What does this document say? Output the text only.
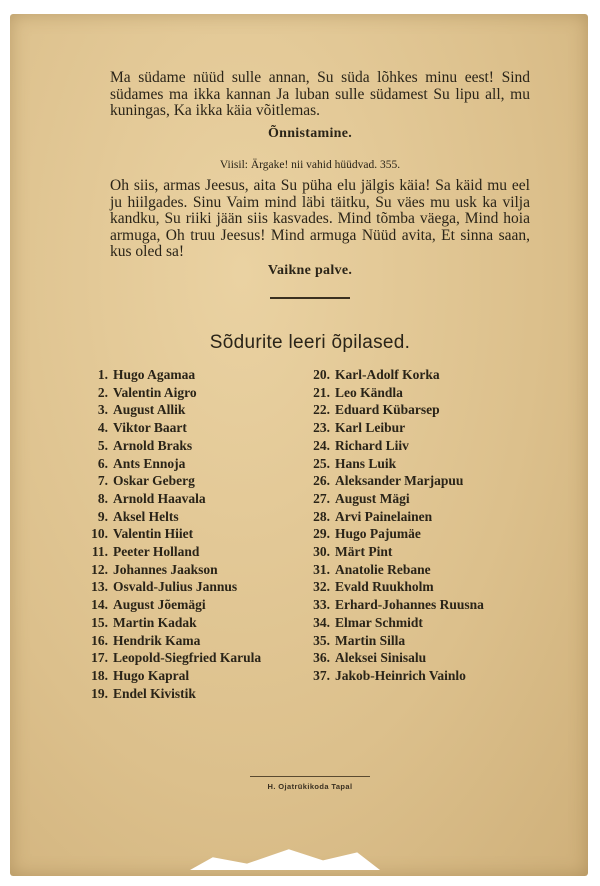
Ma südame nüüd sulle annan, Su süda lõhkes minu eest! Sind südames ma ikka kannan Ja luban sulle südamest Su lipu all, mu kuningas, Ka ikka käia võitlemas.

Õnnistamine.
Viisil: Ärgake! nii vahid hüüdvad. 355.

Oh siis, armas Jeesus, aita Su püha elu jälgis käia! Sa käid mu eel ju hiilgades. Sinu Vaim mind läbi täitku, Su väes mu usk ka vilja kandku, Su riiki jään siis kasvades. Mind tõmba väega, Mind hoia armuga, Oh truu Jeesus! Mind armuga Nüüd avita, Et sinna saan, kus oled sa!

Vaikne palve.
Sõdurite leeri õpilased.
1. Hugo Agamaa
2. Valentin Aigro
3. August Allik
4. Viktor Baart
5. Arnold Braks
6. Ants Ennoja
7. Oskar Geberg
8. Arnold Haavala
9. Aksel Helts
10. Valentin Hiiet
11. Peeter Holland
12. Johannes Jaakson
13. Osvald-Julius Jannus
14. August Jõemägi
15. Martin Kadak
16. Hendrik Kama
17. Leopold-Siegfried Karula
18. Hugo Kapral
19. Endel Kivistik
20. Karl-Adolf Korka
21. Leo Kändla
22. Eduard Kübarsep
23. Karl Leibur
24. Richard Liiv
25. Hans Luik
26. Aleksander Marjapuu
27. August Mägi
28. Arvi Painelainen
29. Hugo Pajumäe
30. Märt Pint
31. Anatolie Rebane
32. Evald Ruukholm
33. Erhard-Johannes Ruusna
34. Elmar Schmidt
35. Martin Silla
36. Aleksei Sinisalu
37. Jakob-Heinrich Vainlo
H. Ojatrükikoda Tapal
